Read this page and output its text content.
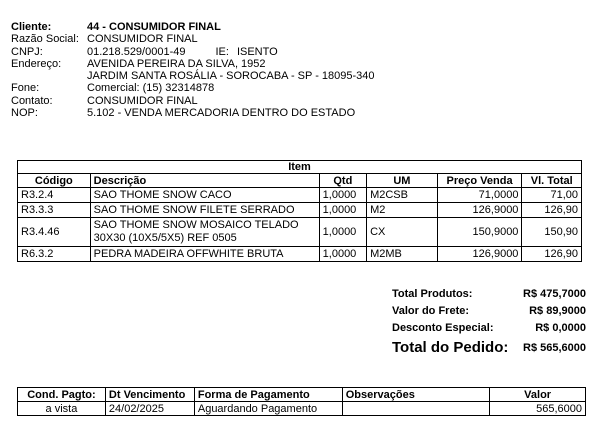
Cliente:	44 - CONSUMIDOR FINAL
Razão Social: CONSUMIDOR FINAL
CNPJ:	01.218.529/0001-49	IE: ISENTO
Endereço:	AVENIDA PEREIRA DA SILVA, 1952
JARDIM SANTA ROSÁLIA - SOROCABA - SP - 18095-340
Fone:	Comercial: (15) 32314878
Contato:	CONSUMIDOR FINAL
NOP:	5.102 - VENDA MERCADORIA DENTRO DO ESTADO
Item					
Código	Descrição	Qtd	UM	Preço Venda	Vl. Total
R3.2.4	SAO THOME SNOW CACO	1,0000	M2CSB	71,0000	71,00
R3.3.3	SAO THOME SNOW FILETE SERRADO	1,0000	M2	126,9000	126,90
R3.4.46	SAO THOME SNOW MOSAICO TELADO
30X30 (10X5/5X5) REF 0505	1,0000	CX	150,9000	150,90
R6.3.2	PEDRA MADEIRA OFFWHITE BRUTA	1,0000	M2MB	126,9000	126,90
Total Produtos:	R$ 475,7000
Valor do Frete:	R$ 89,9000
Desconto Especial:	R$ 0,0000
Total do Pedido: R$ 565,6000
Cond. Pagto:	Dt Vencimento	Forma de Pagamento	Observações	Valor
a vista	24/02/2025	Aguardando Pagamento		565,6000
